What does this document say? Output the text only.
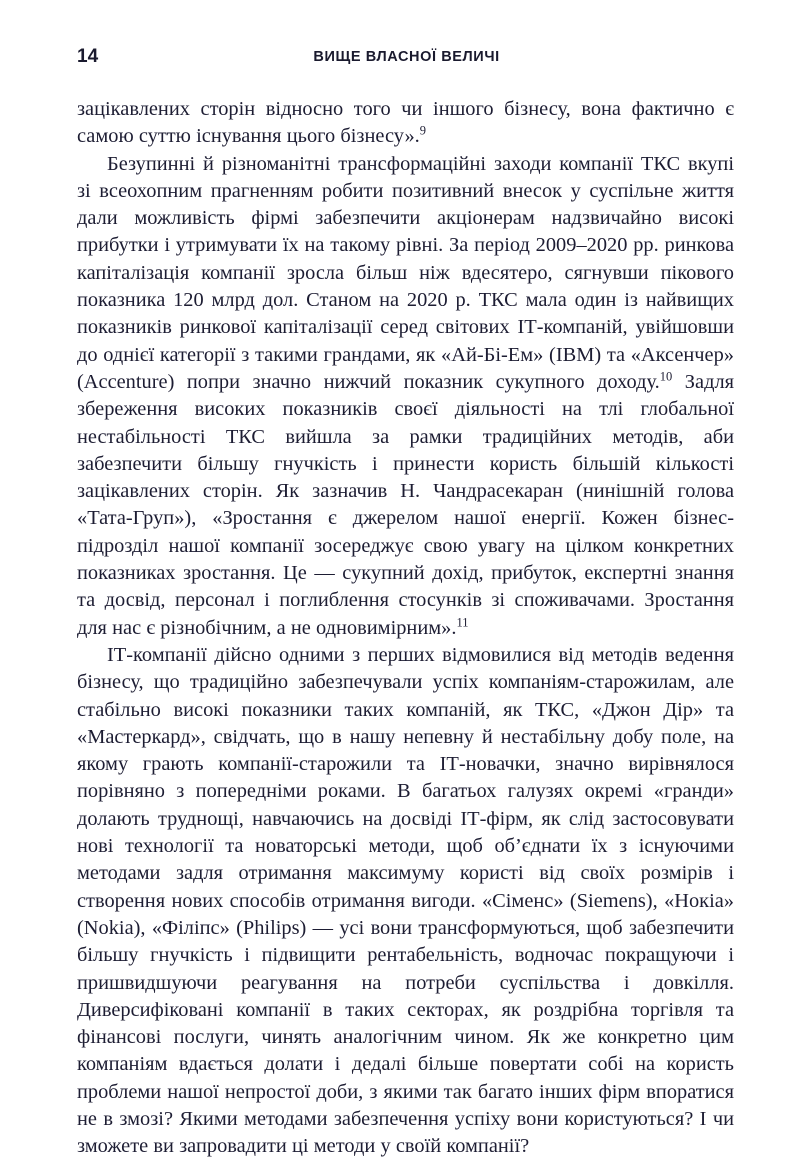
14	ВИЩЕ ВЛАСНОЇ ВЕЛИЧІ

зацікавлених сторін відносно того чи іншого бізнесу, вона фактично є самою суттю існування цього бізнесу».$^9$

Безупинні й різноманітні трансформаційні заходи компанії ТКС вкупі зі всеохопним прагненням робити позитивний внесок у суспільне життя дали можливість фірмі забезпечити акціонерам надзвичайно високі прибутки і утримувати їх на такому рівні. За період 2009–2020 рр. ринкова капіталізація компанії зросла більш ніж вдесятеро, сягнувши пікового показника 120 млрд дол. Станом на 2020 р. ТКС мала один із найвищих показників ринкової капіталізації серед світових ІТ-компаній, увійшовши до однієї категорії з такими грандами, як «Ай-Бі-Ем» (IBM) та «Аксенчер» (Accenture) попри значно нижчий показник сукупного доходу.$^{10}$ Задля збереження високих показників своєї діяльності на тлі глобальної нестабільності ТКС вийшла за рамки традиційних методів, аби забезпечити більшу гнучкість і принести користь більшій кількості зацікавлених сторін. Як зазначив Н. Чандрасекаран (нинішній голова «Тата-Груп»), «Зростання є джерелом нашої енергії. Кожен бізнес-підрозділ нашої компанії зосереджує свою увагу на цілком конкретних показниках зростання. Це — сукупний дохід, прибуток, експертні знання та досвід, персонал і поглиблення стосунків зі споживачами. Зростання для нас є різнобічним, а не одновимірним».$^{11}$

ІТ-компанії дійсно одними з перших відмовилися від методів ведення бізнесу, що традиційно забезпечували успіх компаніям-старожилам, але стабільно високі показники таких компаній, як ТКС, «Джон Дір» та «Мастеркард», свідчать, що в нашу непевну й нестабільну добу поле, на якому грають компанії-старожили та ІТ-новачки, значно вирівнялося порівняно з попередніми роками. В багатьох галузях окремі «гранди» долають труднощі, навчаючись на досвіді ІТ-фірм, як слід застосовувати нові технології та новаторські методи, щоб об’єднати їх з існуючими методами задля отримання максимуму користі від своїх розмірів і створення нових способів отримання вигоди. «Сіменс» (Siemens), «Нокіа» (Nokia), «Філіпс» (Philips) — усі вони трансформуються, щоб забезпечити більшу гнучкість і підвищити рентабельність, водночас покращуючи і пришвидшуючи реагування на потреби суспільства і довкілля. Диверсифіковані компанії в таких секторах, як роздрібна торгівля та фінансові послуги, чинять аналогічним чином. Як же конкретно цим компаніям вдається долати і дедалі більше повертати собі на користь проблеми нашої непростої доби, з якими так багато інших фірм впоратися не в змозі? Якими методами забезпечення успіху вони користуються? І чи зможете ви запровадити ці методи у своїй компанії?
